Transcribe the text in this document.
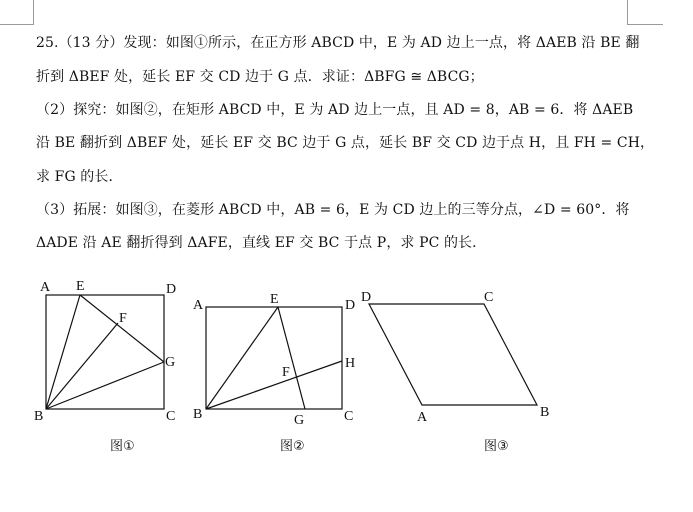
25.（13 分）发现：如图①所示，在正方形 ABCD 中，E 为 AD 边上一点，将 ΔAEB 沿 BE 翻
折到 ΔBEF 处，延长 EF 交 CD 边于 G 点．求证：ΔBFG ≅ ΔBCG；
（2）探究：如图②，在矩形 ABCD 中，E 为 AD 边上一点，且 AD = 8，AB = 6．将 ΔAEB
沿 BE 翻折到 ΔBEF 处，延长 EF 交 BC 边于 G 点，延长 BF 交 CD 边于点 H，且 FH = CH，
求 FG 的长．
（3）拓展：如图③，在菱形 ABCD 中，AB = 6，E 为 CD 边上的三等分点，∠D = 60°．将
ΔADE 沿 AE 翻折得到 ΔAFE，直线 EF 交 BC 于点 P，求 PC 的长．
A E	D
F
G
B	C
图①
A	E	D
H
F
B	G	C
图②
D	C
A	B
图③
